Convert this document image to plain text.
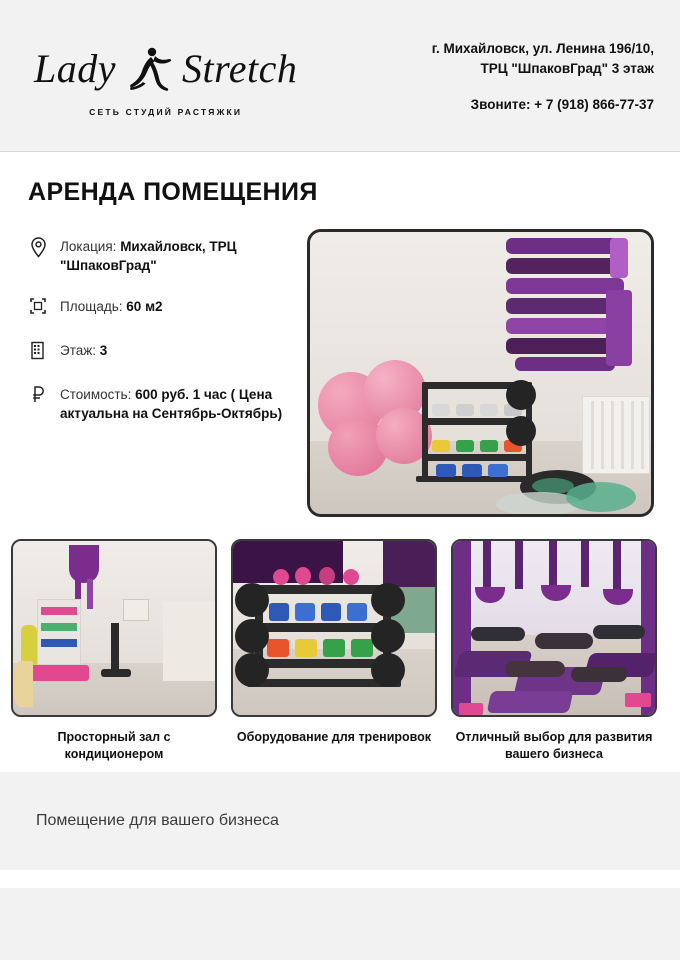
Lady Stretch
СЕТЬ СТУДИЙ РАСТЯЖКИ
г. Михайловск, ул. Ленина 196/10,
ТРЦ "ШпаковГрад" 3 этаж
Звоните: + 7 (918) 866-77-37
АРЕНДА ПОМЕЩЕНИЯ
Локация: Михайловск, ТРЦ "ШпаковГрад"
Площадь: 60 м2
Этаж: 3
Стоимость: 600 руб. 1 час ( Цена актуальна на Сентябрь-Октябрь)
Просторный зал с кондиционером
Оборудование для тренировок	Отличный выбор для развития вашего бизнеса
Помещение для вашего бизнеса
